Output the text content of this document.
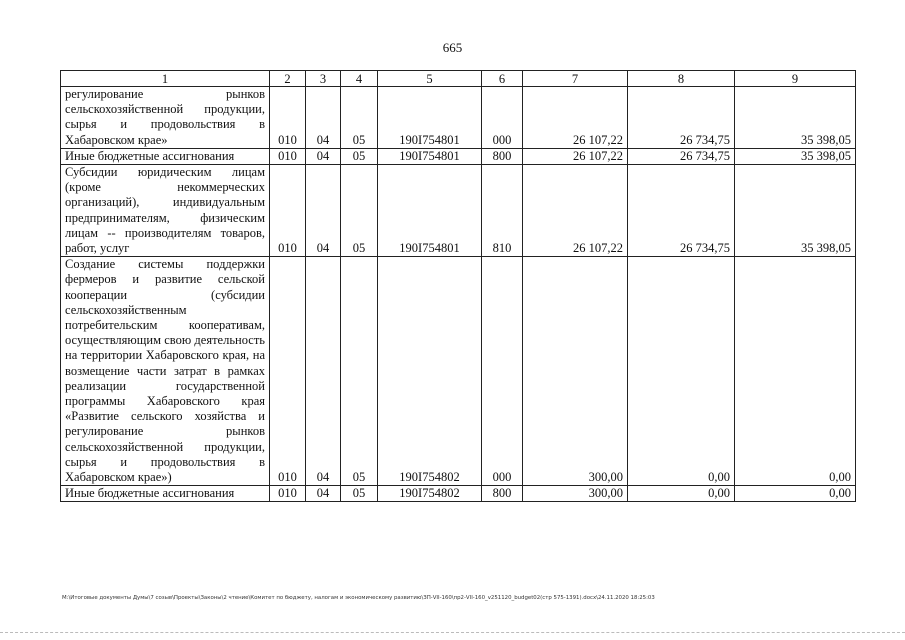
665
1	2	3	4	5	6	7	8	9
регулирование рынков сельскохозяйственной продукции, сырья и продовольствия в Хабаровском крае»	010	04	05	190I754801	000	26 107,22	26 734,75	35 398,05
Иные бюджетные ассигнования	010	04	05	190I754801	800	26 107,22	26 734,75	35 398,05
Субсидии юридическим лицам (кроме некоммерческих организаций), индивидуальным предпринимателям, физическим лицам -- производителям товаров, работ, услуг	010	04	05	190I754801	810	26 107,22	26 734,75	35 398,05
Создание системы поддержки фермеров и развитие сельской кооперации (субсидии сельскохозяйственным потребительским кооперативам, осуществляющим свою деятельность на территории Хабаровского края, на возмещение части затрат в рамках реализации государственной программы Хабаровского края «Развитие сельского хозяйства и регулирование рынков сельскохозяйственной продукции, сырья и продовольствия в Хабаровском крае»)	010	04	05	190I754802	000	300,00	0,00	0,00
Иные бюджетные ассигнования	010	04	05	190I754802	800	300,00	0,00	0,00
M:\Итоговые документы Думы\7 созыв\Проекты\Законы\2 чтение\Комитет по бюджету, налогам и экономическому развитию\ЗП-VII-160\пр2-VII-160_v251120_budget02(стр 575-1391).docx\24.11.2020 18:25:03
